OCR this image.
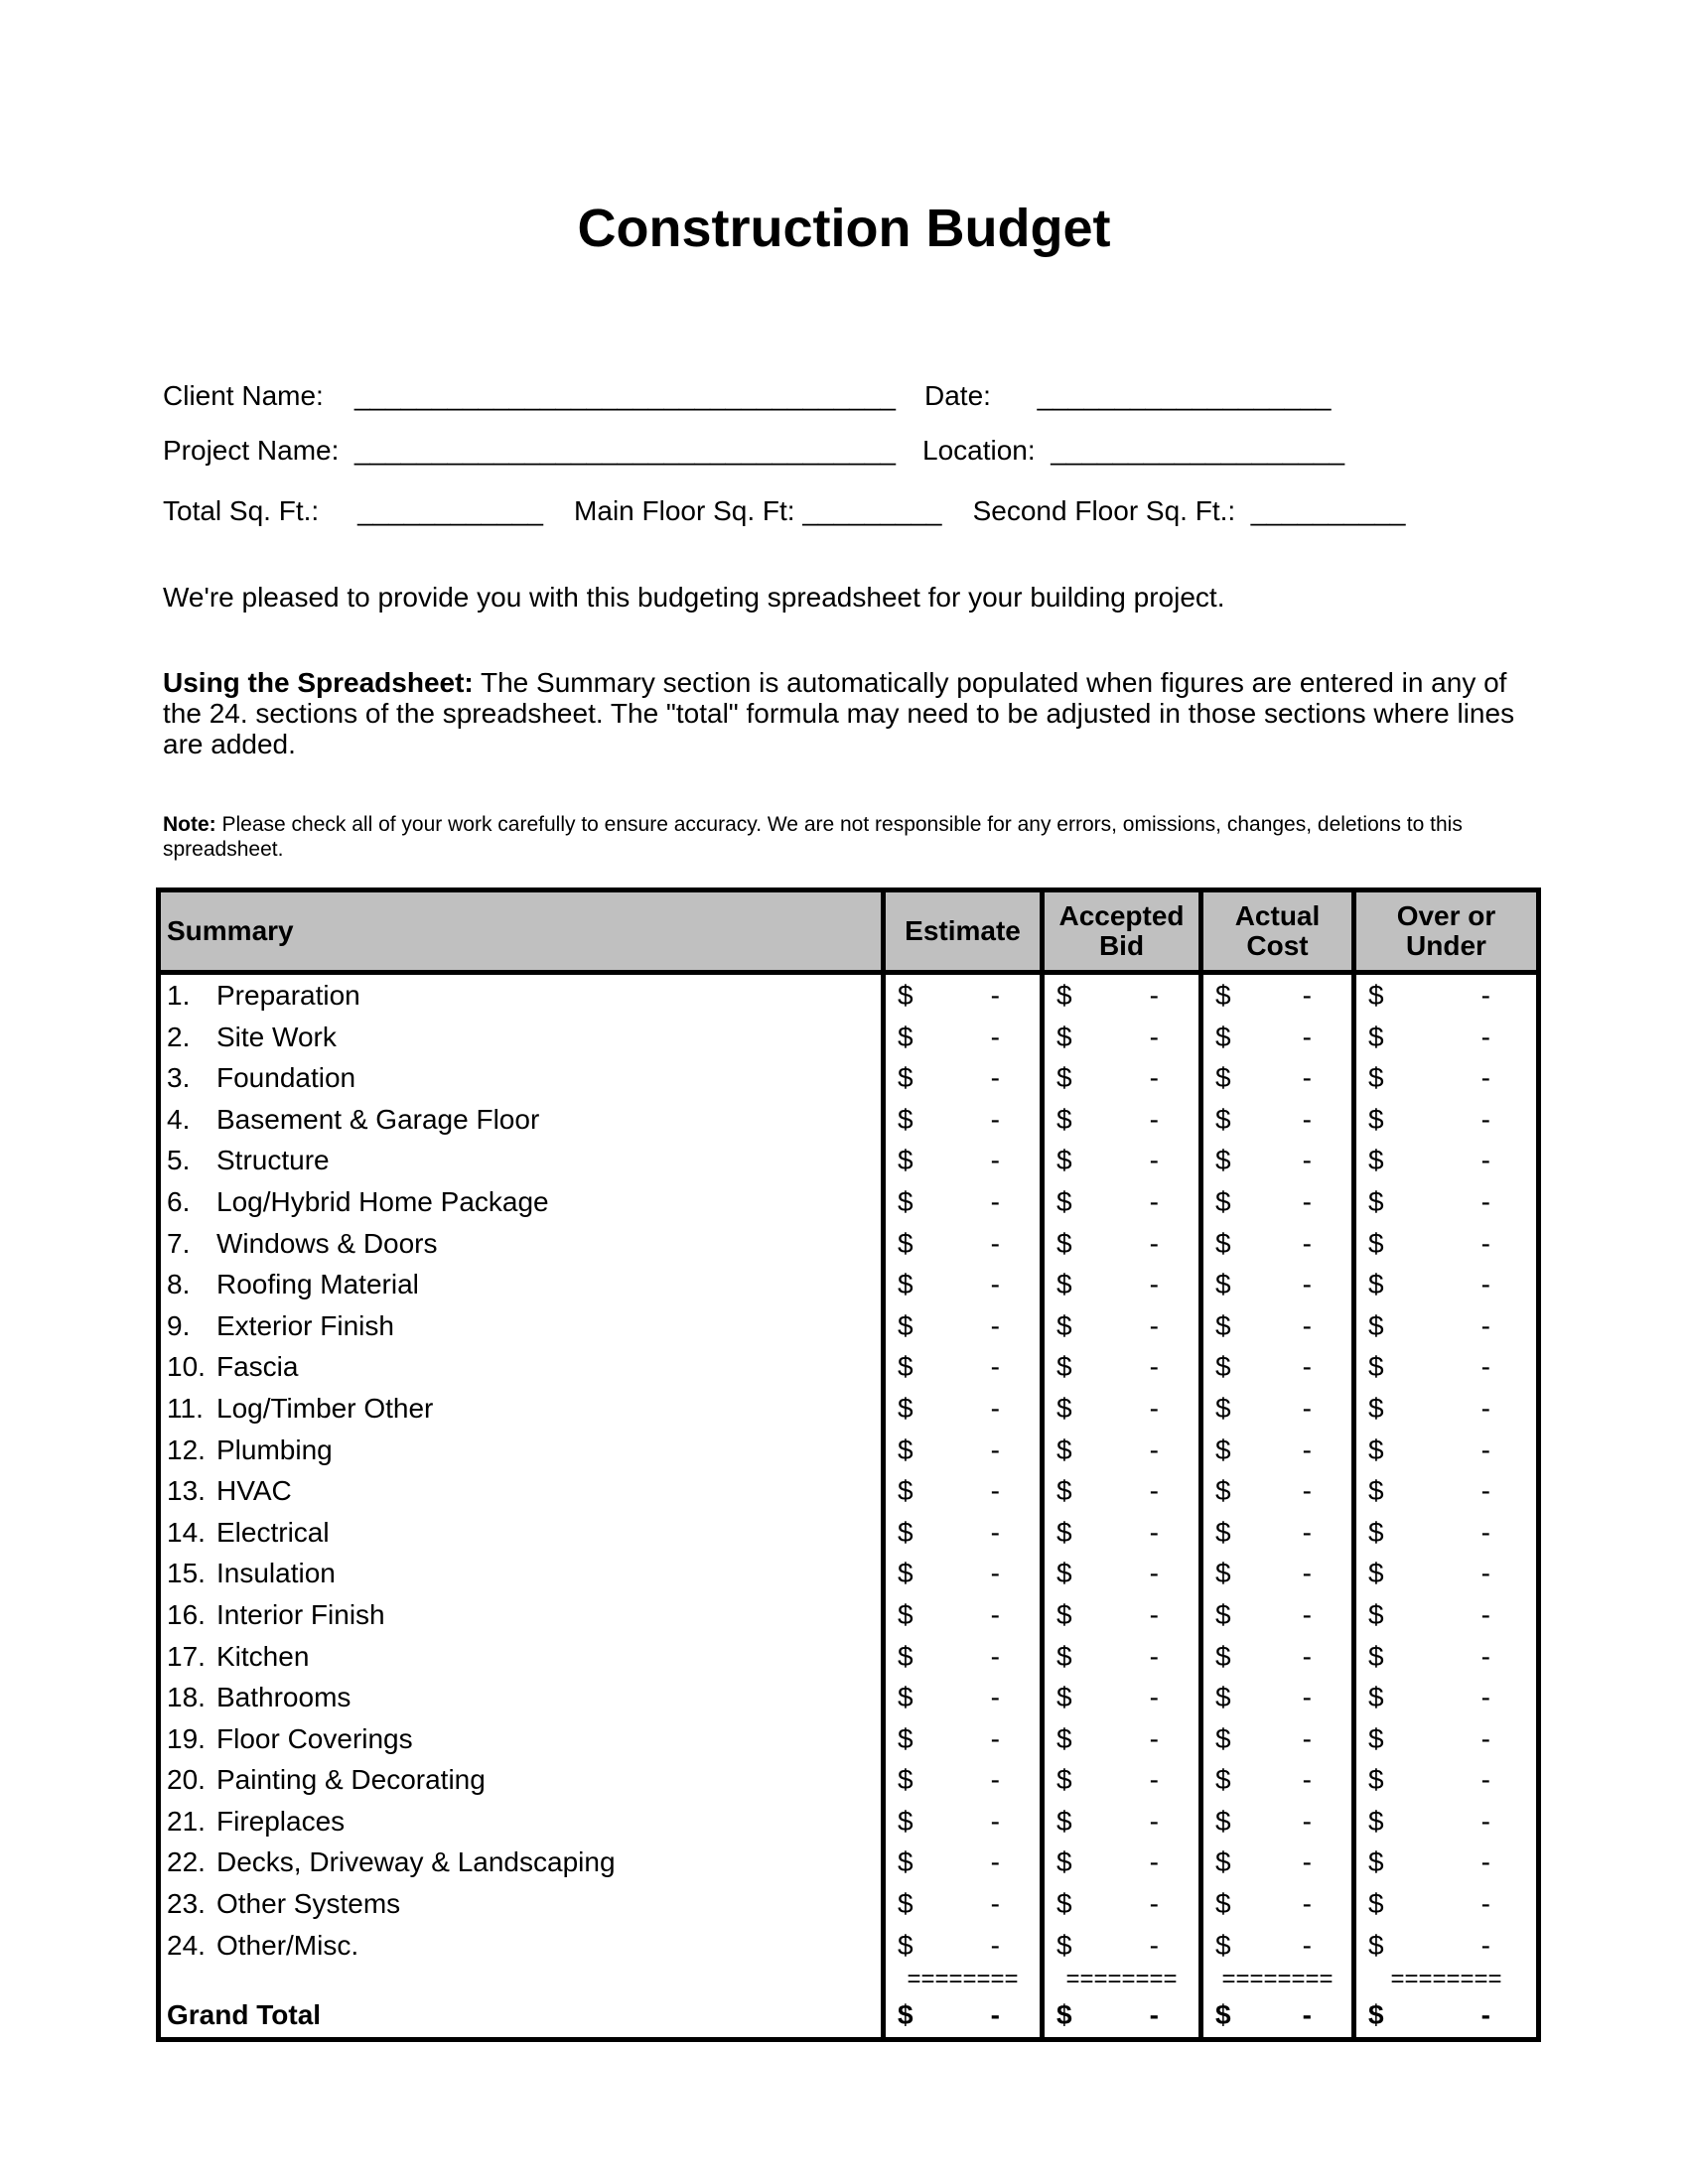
Construction Budget
Client Name:    ___________________________________ Date:      ___________________
Project Name:  ___________________________________ Location:  ___________________
Total Sq. Ft.:     ____________    Main Floor Sq. Ft: _________    Second Floor Sq. Ft.:  __________
We're pleased to provide you with this budgeting spreadsheet for your building project.
Using the Spreadsheet: The Summary section is automatically populated when figures are entered in any of the 24. sections of the spreadsheet. The "total" formula may need to be adjusted in those sections where lines are added.
Note: Please check all of your work carefully to ensure accuracy. We are not responsible for any errors, omissions, changes, deletions to this spreadsheet.
Summary	Estimate	Accepted Bid	Actual Cost	Over or Under
1. Preparation	$ -	$ -	$ -	$ -

2. Site Work	$ -	$ -	$ -	$ -

3. Foundation	$ -	$ -	$ -	$ -

4. Basement & Garage Floor	$ -	$ -	$ -	$ -

5. Structure	$ -	$ -	$ -	$ -

6. Log/Hybrid Home Package	$ -	$ -	$ -	$ -

7. Windows & Doors	$ -	$ -	$ -	$ -

8. Roofing Material	$ -	$ -	$ -	$ -

9. Exterior Finish	$ -	$ -	$ -	$ -

10. Fascia	$ -	$ -	$ -	$ -

11. Log/Timber Other	$ -	$ -	$ -	$ -

12. Plumbing	$ -	$ -	$ -	$ -

13. HVAC	$ -	$ -	$ -	$ -

14. Electrical	$ -	$ -	$ -	$ -

15. Insulation	$ -	$ -	$ -	$ -

16. Interior Finish	$ -	$ -	$ -	$ -

17. Kitchen	$ -	$ -	$ -	$ -

18. Bathrooms	$ -	$ -	$ -	$ -

19. Floor Coverings	$ -	$ -	$ -	$ -

20. Painting & Decorating	$ -	$ -	$ -	$ -

21. Fireplaces	$ -	$ -	$ -	$ -

22. Decks, Driveway & Landscaping	$ -	$ -	$ -	$ -

23. Other Systems	$ -	$ -	$ -	$ -

24. Other/Misc.	$ -	$ -	$ -	$ -

	========	========	========	========
Grand Total	$ -	$ -	$ -	$ -
